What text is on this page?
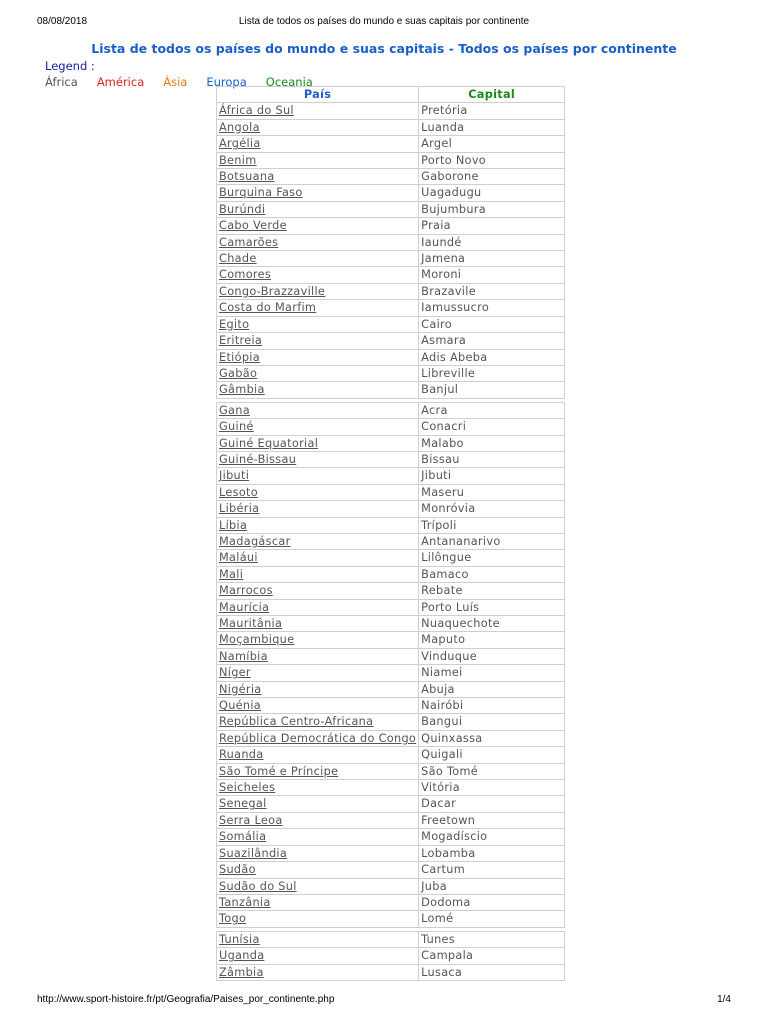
08/08/2018	Lista de todos os países do mundo e suas capitais por continente
Lista de todos os países do mundo e suas capitais - Todos os países por continente
Legend :
África América Ásia Europa Oceania
País	Capital
África do Sul	Pretória
Angola	Luanda
Argélia	Argel
Benim	Porto Novo
Botsuana	Gaborone
Burquina Faso	Uagadugu
Burúndi	Bujumbura
Cabo Verde	Praia
Camarões	Iaundé
Chade	Jamena
Comores	Moroni
Congo-Brazzaville	Brazavile
Costa do Marfim	Iamussucro
Egito	Cairo
Eritreia	Asmara
Etiópia	Adis Abeba
Gabão	Libreville
Gâmbia	Banjul

Gana	Acra
Guiné	Conacri
Guiné Equatorial	Malabo
Guiné-Bissau	Bissau
Jibuti	Jibuti
Lesoto	Maseru
Libéria	Monróvia
Líbia	Trípoli
Madagáscar	Antananarivo
Maláui	Lilôngue
Mali	Bamaco
Marrocos	Rebate
Maurícia	Porto Luís
Mauritânia	Nuaquechote
Moçambique	Maputo
Namíbia	Vinduque
Níger	Niamei
Nigéria	Abuja
Quénia	Nairóbi
República Centro-Africana	Bangui
República Democrática do Congo	Quinxassa
Ruanda	Quigali
São Tomé e Príncipe	São Tomé
Seicheles	Vitória
Senegal	Dacar
Serra Leoa	Freetown
Somália	Mogadíscio
Suazilândia	Lobamba
Sudão	Cartum
Sudão do Sul	Juba
Tanzânia	Dodoma
Togo	Lomé

Tunísia	Tunes
Uganda	Campala
Zâmbia	Lusaca
http://www.sport-histoire.fr/pt/Geografia/Paises_por_continente.php	1/4
